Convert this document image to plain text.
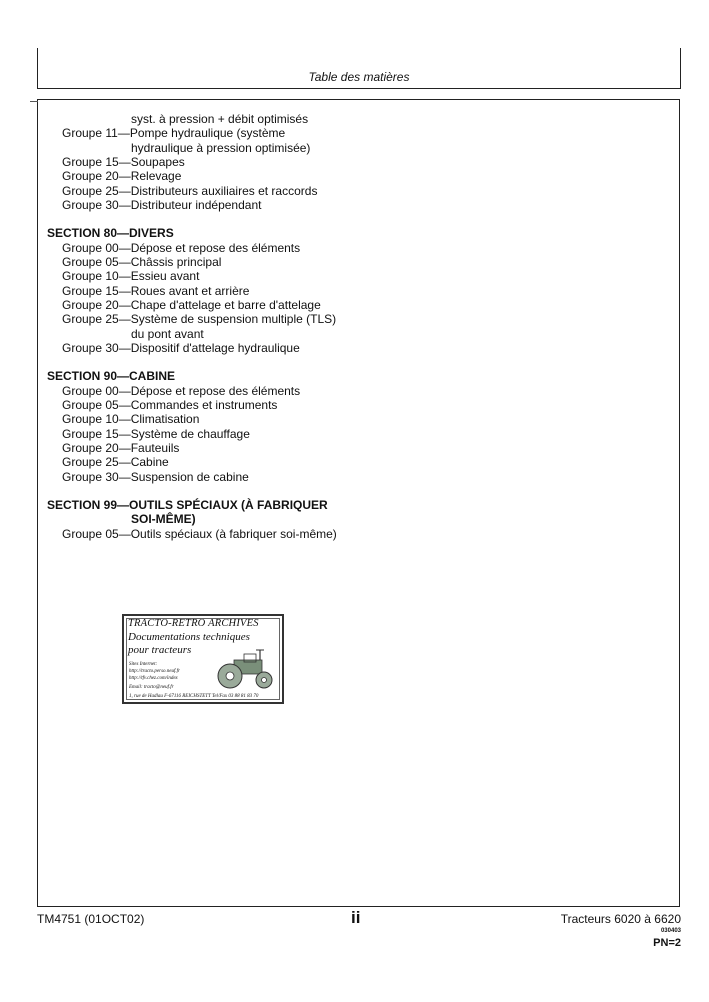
Table des matières
syst. à pression + débit optimisés
Groupe 11—Pompe hydraulique (système
hydraulique à pression optimisée)
Groupe 15—Soupapes
Groupe 20—Relevage
Groupe 25—Distributeurs auxiliaires et raccords
Groupe 30—Distributeur indépendant
SECTION 80—DIVERS
Groupe 00—Dépose et repose des éléments
Groupe 05—Châssis principal
Groupe 10—Essieu avant
Groupe 15—Roues avant et arrière
Groupe 20—Chape d'attelage et barre d'attelage
Groupe 25—Système de suspension multiple (TLS)
du pont avant
Groupe 30—Dispositif d'attelage hydraulique
SECTION 90—CABINE
Groupe 00—Dépose et repose des éléments
Groupe 05—Commandes et instruments
Groupe 10—Climatisation
Groupe 15—Système de chauffage
Groupe 20—Fauteuils
Groupe 25—Cabine
Groupe 30—Suspension de cabine
SECTION 99—OUTILS SPÉCIAUX (À FABRIQUER
SOI-MÊME)
Groupe 05—Outils spéciaux (à fabriquer soi-même)
TRACTO-RETRO ARCHIVES
Documentations techniques
pour tracteurs
Sites Internet:
http://tracto.perso.neuf.fr
http://tfv.chez.com/index
Email: tracto@neuf.fr
1, rue de Hadlau F-67116 REICHSTETT Tel/Fax 03 88 81 83 70
TM4751 (01OCT02)	ii	Tracteurs 6020 à 6620
030403
PN=2
